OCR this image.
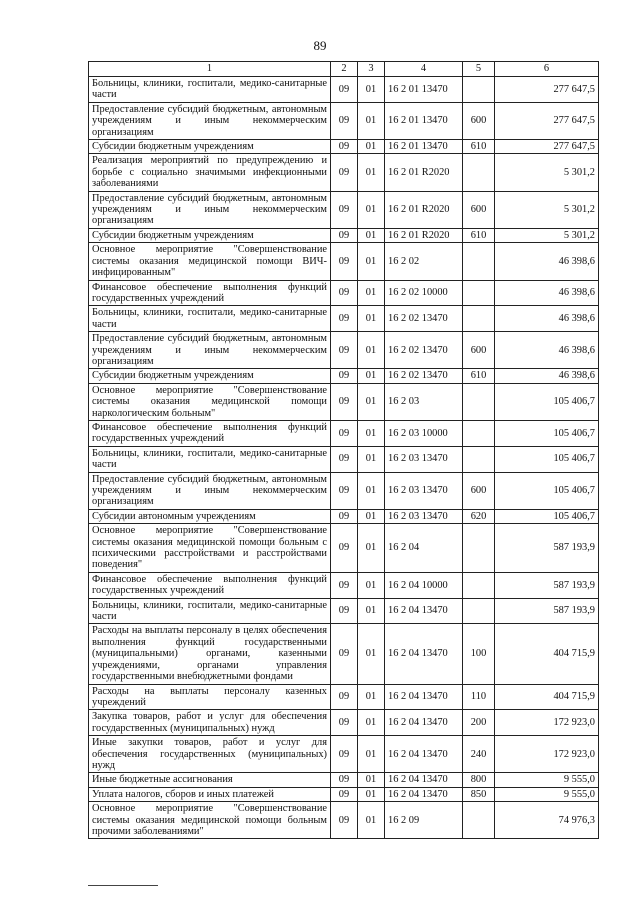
89
1	2	3	4	5	6
Больницы, клиники, госпитали, медико-санитарные части	09	01	16 2 01 13470		277 647,5
Предоставление субсидий бюджетным, автономным учреждениям и иным некоммерческим организациям	09	01	16 2 01 13470	600	277 647,5
Субсидии бюджетным учреждениям	09	01	16 2 01 13470	610	277 647,5
Реализация мероприятий по предупреждению и борьбе с социально значимыми инфекционными заболеваниями	09	01	16 2 01 R2020		5 301,2
Предоставление субсидий бюджетным, автономным учреждениям и иным некоммерческим организациям	09	01	16 2 01 R2020	600	5 301,2
Субсидии бюджетным учреждениям	09	01	16 2 01 R2020	610	5 301,2
Основное мероприятие "Совершенствование системы оказания медицинской помощи ВИЧ-инфицированным"	09	01	16 2 02		46 398,6
Финансовое обеспечение выполнения функций государственных учреждений	09	01	16 2 02 10000		46 398,6
Больницы, клиники, госпитали, медико-санитарные части	09	01	16 2 02 13470		46 398,6
Предоставление субсидий бюджетным, автономным учреждениям и иным некоммерческим организациям	09	01	16 2 02 13470	600	46 398,6
Субсидии бюджетным учреждениям	09	01	16 2 02 13470	610	46 398,6
Основное мероприятие "Совершенствование системы оказания медицинской помощи наркологическим больным"	09	01	16 2 03		105 406,7
Финансовое обеспечение выполнения функций государственных учреждений	09	01	16 2 03 10000		105 406,7
Больницы, клиники, госпитали, медико-санитарные части	09	01	16 2 03 13470		105 406,7
Предоставление субсидий бюджетным, автономным учреждениям и иным некоммерческим организациям	09	01	16 2 03 13470	600	105 406,7
Субсидии автономным учреждениям	09	01	16 2 03 13470	620	105 406,7
Основное мероприятие "Совершенствование системы оказания медицинской помощи больным с психическими расстройствами и расстройствами поведения"	09	01	16 2 04		587 193,9
Финансовое обеспечение выполнения функций государственных учреждений	09	01	16 2 04 10000		587 193,9
Больницы, клиники, госпитали, медико-санитарные части	09	01	16 2 04 13470		587 193,9
Расходы на выплаты персоналу в целях обеспечения выполнения функций государственными (муниципальными) органами, казенными учреждениями, органами управления государственными внебюджетными фондами	09	01	16 2 04 13470	100	404 715,9
Расходы на выплаты персоналу казенных учреждений	09	01	16 2 04 13470	110	404 715,9
Закупка товаров, работ и услуг для обеспечения государственных (муниципальных) нужд	09	01	16 2 04 13470	200	172 923,0
Иные закупки товаров, работ и услуг для обеспечения государственных (муниципальных) нужд	09	01	16 2 04 13470	240	172 923,0
Иные бюджетные ассигнования	09	01	16 2 04 13470	800	9 555,0
Уплата налогов, сборов и иных платежей	09	01	16 2 04 13470	850	9 555,0
Основное мероприятие "Совершенствование системы оказания медицинской помощи больным прочими заболеваниями"	09	01	16 2 09		74 976,3
